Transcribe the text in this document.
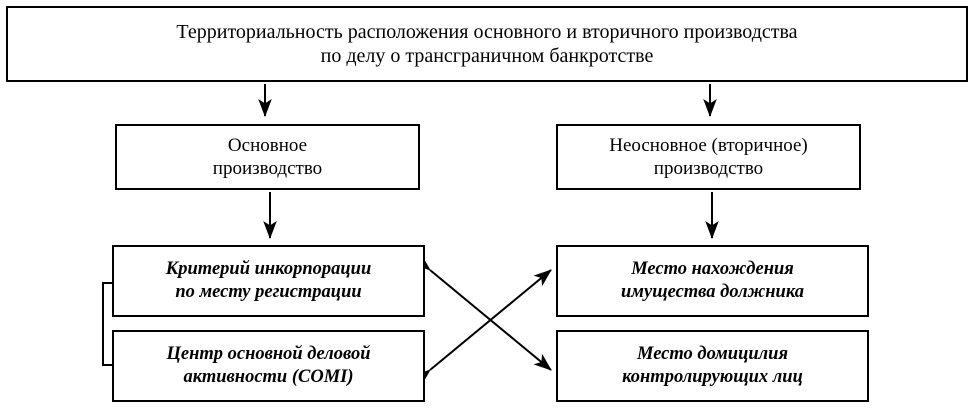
Территориальность расположения основного и вторичного производства
по делу о трансграничном банкротстве
Основное
производство
Неосновное (вторичное)
производство
Критерий инкорпорации
по месту регистрации
Центр основной деловой
активности (COMI)
Место нахождения
имущества должника
Место домицилия
контролирующих лиц
